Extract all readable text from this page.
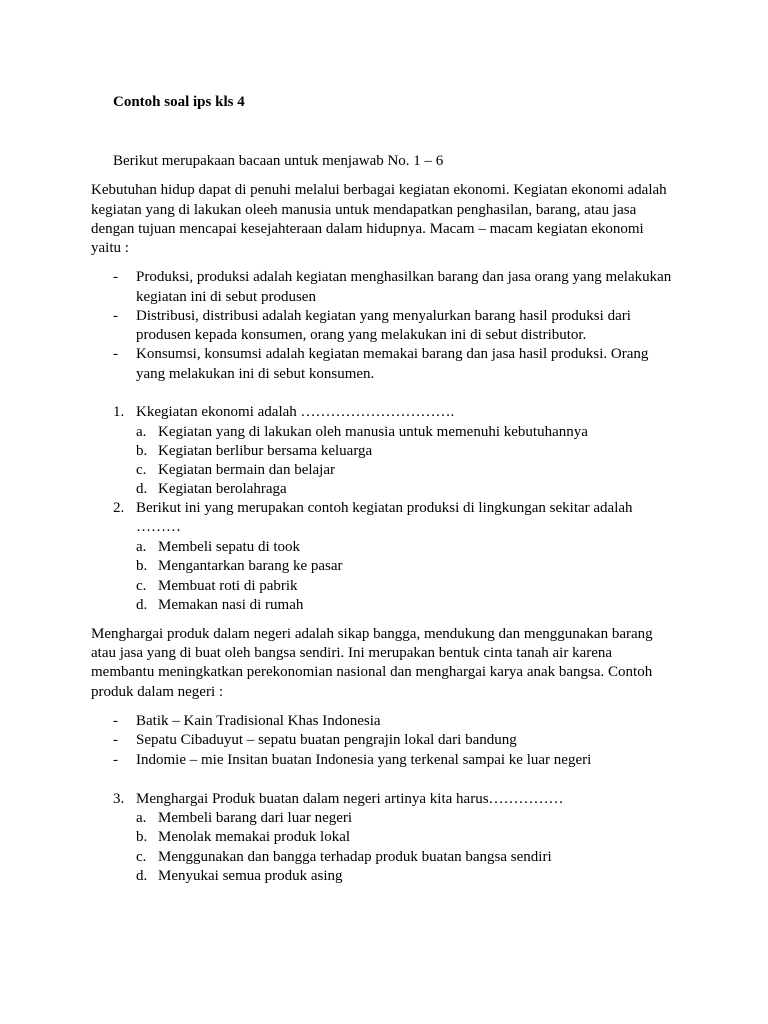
Contoh soal ips kls 4
Berikut merupakaan bacaan untuk menjawab No. 1 – 6
Kebutuhan hidup dapat di penuhi melalui berbagai kegiatan ekonomi. Kegiatan ekonomi adalah
kegiatan yang di lakukan oleeh manusia untuk mendapatkan penghasilan, barang, atau jasa
dengan tujuan mencapai kesejahteraan dalam hidupnya. Macam – macam kegiatan ekonomi
yaitu :
- Produksi, produksi adalah kegiatan menghasilkan barang dan jasa orang yang melakukan
kegiatan ini di sebut produsen
- Distribusi, distribusi adalah kegiatan yang menyalurkan barang hasil produksi dari
produsen kepada konsumen, orang yang melakukan ini di sebut distributor.
- Konsumsi, konsumsi adalah kegiatan memakai barang dan jasa hasil produksi. Orang
yang melakukan ini di sebut konsumen.
1. Kkegiatan ekonomi adalah ………………………….
a. Kegiatan yang di lakukan oleh manusia untuk memenuhi kebutuhannya
b. Kegiatan berlibur bersama keluarga
c. Kegiatan bermain dan belajar
d. Kegiatan berolahraga
2. Berikut ini yang merupakan contoh kegiatan produksi di lingkungan sekitar adalah
………
a. Membeli sepatu di took
b. Mengantarkan barang ke pasar
c. Membuat roti di pabrik
d. Memakan nasi di rumah
Menghargai produk dalam negeri adalah sikap bangga, mendukung dan menggunakan barang
atau jasa yang di buat oleh bangsa sendiri. Ini merupakan bentuk cinta tanah air karena
membantu meningkatkan perekonomian nasional dan menghargai karya anak bangsa. Contoh
produk dalam negeri :
- Batik – Kain Tradisional Khas Indonesia
- Sepatu Cibaduyut – sepatu buatan pengrajin lokal dari bandung
- Indomie – mie Insitan buatan Indonesia yang terkenal sampai ke luar negeri
3. Menghargai Produk buatan dalam negeri artinya kita harus……………
a. Membeli barang dari luar negeri
b. Menolak memakai produk lokal
c. Menggunakan dan bangga terhadap produk buatan bangsa sendiri
d. Menyukai semua produk asing
